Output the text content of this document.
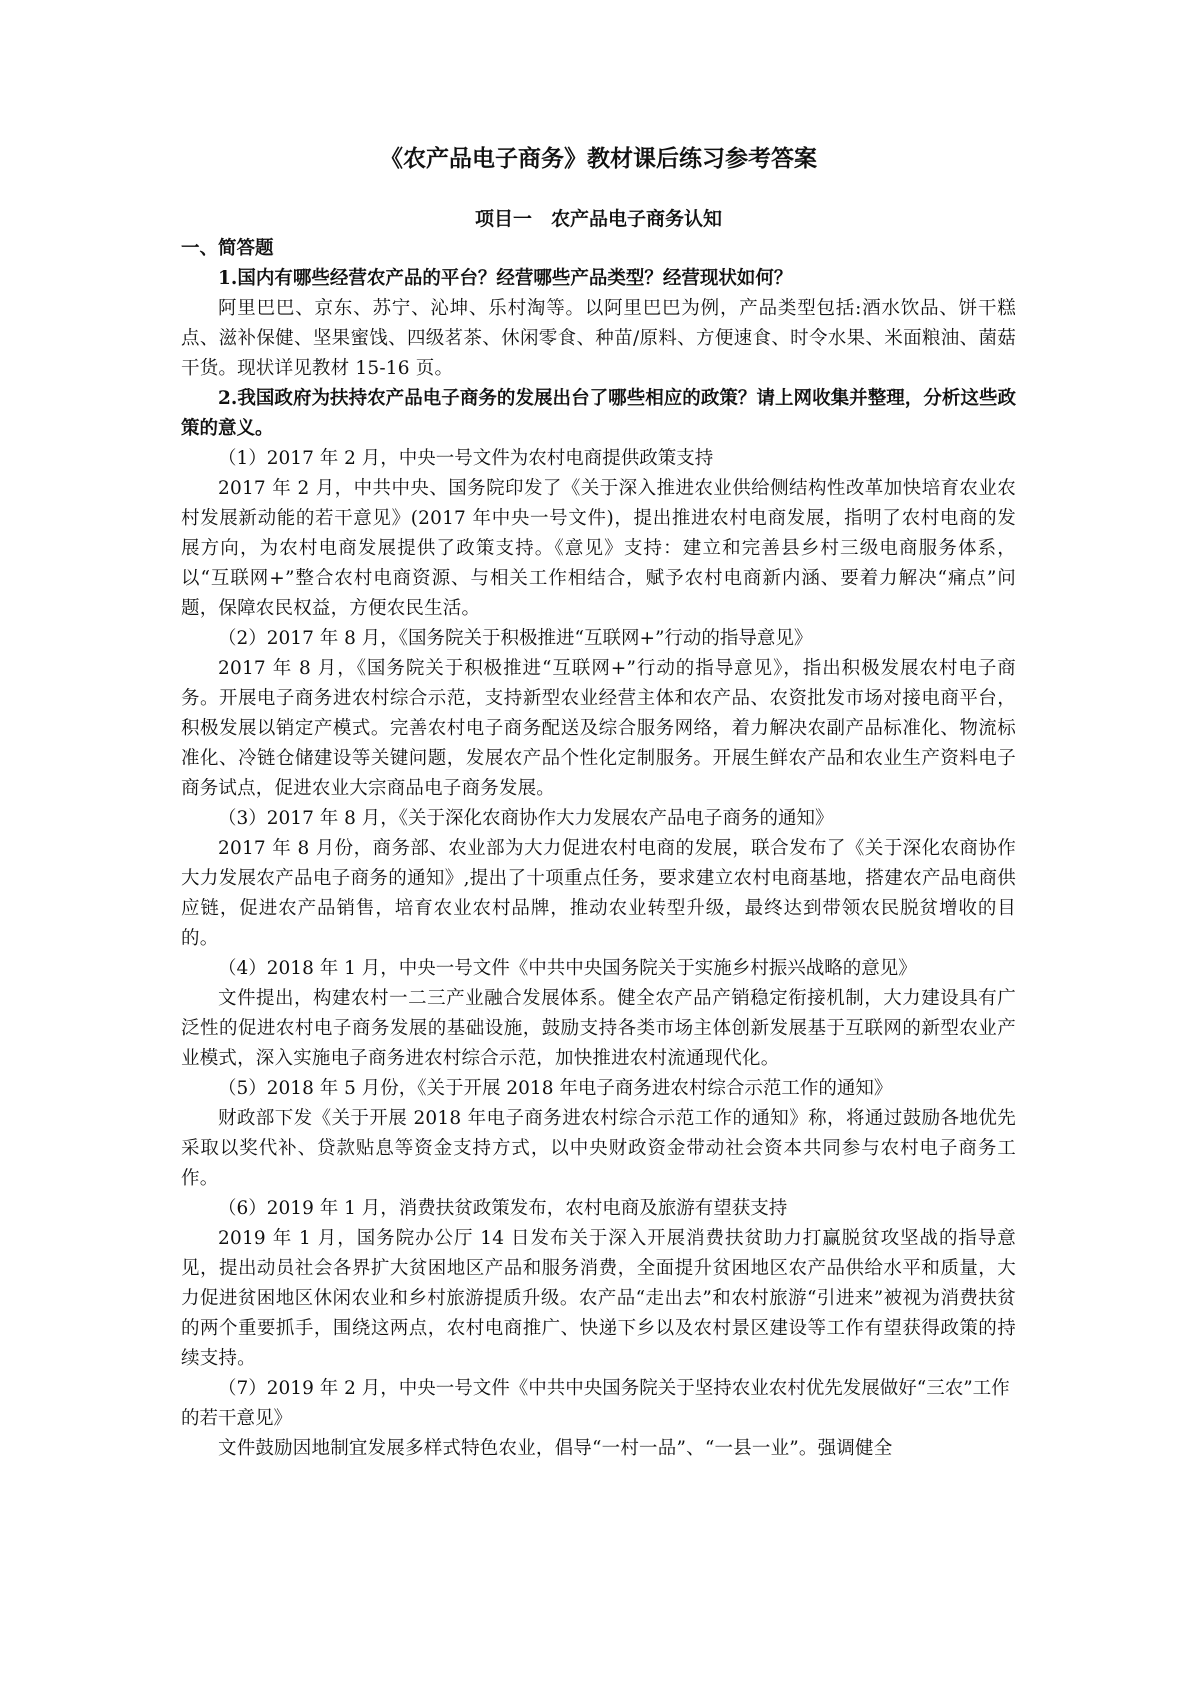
《农产品电子商务》教材课后练习参考答案
项目一　农产品电子商务认知
一、简答题
1.国内有哪些经营农产品的平台？经营哪些产品类型？经营现状如何？
阿里巴巴、京东、苏宁、沁坤、乐村淘等。以阿里巴巴为例，产品类型包括:酒水饮品、饼干糕点、滋补保健、坚果蜜饯、四级茗茶、休闲零食、种苗/原料、方便速食、时令水果、米面粮油、菌菇干货。现状详见教材 15-16 页。
2.我国政府为扶持农产品电子商务的发展出台了哪些相应的政策？请上网收集并整理，分析这些政策的意义。
（1）2017 年 2 月，中央一号文件为农村电商提供政策支持
2017 年 2 月，中共中央、国务院印发了《关于深入推进农业供给侧结构性改革加快培育农业农村发展新动能的若干意见》(2017 年中央一号文件)，提出推进农村电商发展，指明了农村电商的发展方向，为农村电商发展提供了政策支持。《意见》支持：建立和完善县乡村三级电商服务体系，以“互联网+”整合农村电商资源、与相关工作相结合，赋予农村电商新内涵、要着力解决“痛点”问题，保障农民权益，方便农民生活。
（2）2017 年 8 月，《国务院关于积极推进“互联网+”行动的指导意见》
2017 年 8 月，《国务院关于积极推进“互联网+”行动的指导意见》，指出积极发展农村电子商务。开展电子商务进农村综合示范，支持新型农业经营主体和农产品、农资批发市场对接电商平台，积极发展以销定产模式。完善农村电子商务配送及综合服务网络，着力解决农副产品标准化、物流标准化、冷链仓储建设等关键问题，发展农产品个性化定制服务。开展生鲜农产品和农业生产资料电子商务试点，促进农业大宗商品电子商务发展。
（3）2017 年 8 月，《关于深化农商协作大力发展农产品电子商务的通知》
2017 年 8 月份，商务部、农业部为大力促进农村电商的发展，联合发布了《关于深化农商协作大力发展农产品电子商务的通知》,提出了十项重点任务，要求建立农村电商基地，搭建农产品电商供应链，促进农产品销售，培育农业农村品牌，推动农业转型升级，最终达到带领农民脱贫增收的目的。
（4）2018 年 1 月，中央一号文件《中共中央国务院关于实施乡村振兴战略的意见》
文件提出，构建农村一二三产业融合发展体系。健全农产品产销稳定衔接机制，大力建设具有广泛性的促进农村电子商务发展的基础设施，鼓励支持各类市场主体创新发展基于互联网的新型农业产业模式，深入实施电子商务进农村综合示范，加快推进农村流通现代化。
（5）2018 年 5 月份，《关于开展 2018 年电子商务进农村综合示范工作的通知》
财政部下发《关于开展 2018 年电子商务进农村综合示范工作的通知》称，将通过鼓励各地优先采取以奖代补、贷款贴息等资金支持方式，以中央财政资金带动社会资本共同参与农村电子商务工作。
（6）2019 年 1 月，消费扶贫政策发布，农村电商及旅游有望获支持
2019 年 1 月，国务院办公厅 14 日发布关于深入开展消费扶贫助力打赢脱贫攻坚战的指导意见，提出动员社会各界扩大贫困地区产品和服务消费，全面提升贫困地区农产品供给水平和质量，大力促进贫困地区休闲农业和乡村旅游提质升级。农产品“走出去”和农村旅游“引进来”被视为消费扶贫的两个重要抓手，围绕这两点，农村电商推广、快递下乡以及农村景区建设等工作有望获得政策的持续支持。
（7）2019 年 2 月，中央一号文件《中共中央国务院关于坚持农业农村优先发展做好“三农”工作的若干意见》
文件鼓励因地制宜发展多样式特色农业，倡导“一村一品”、“一县一业”。强调健全
